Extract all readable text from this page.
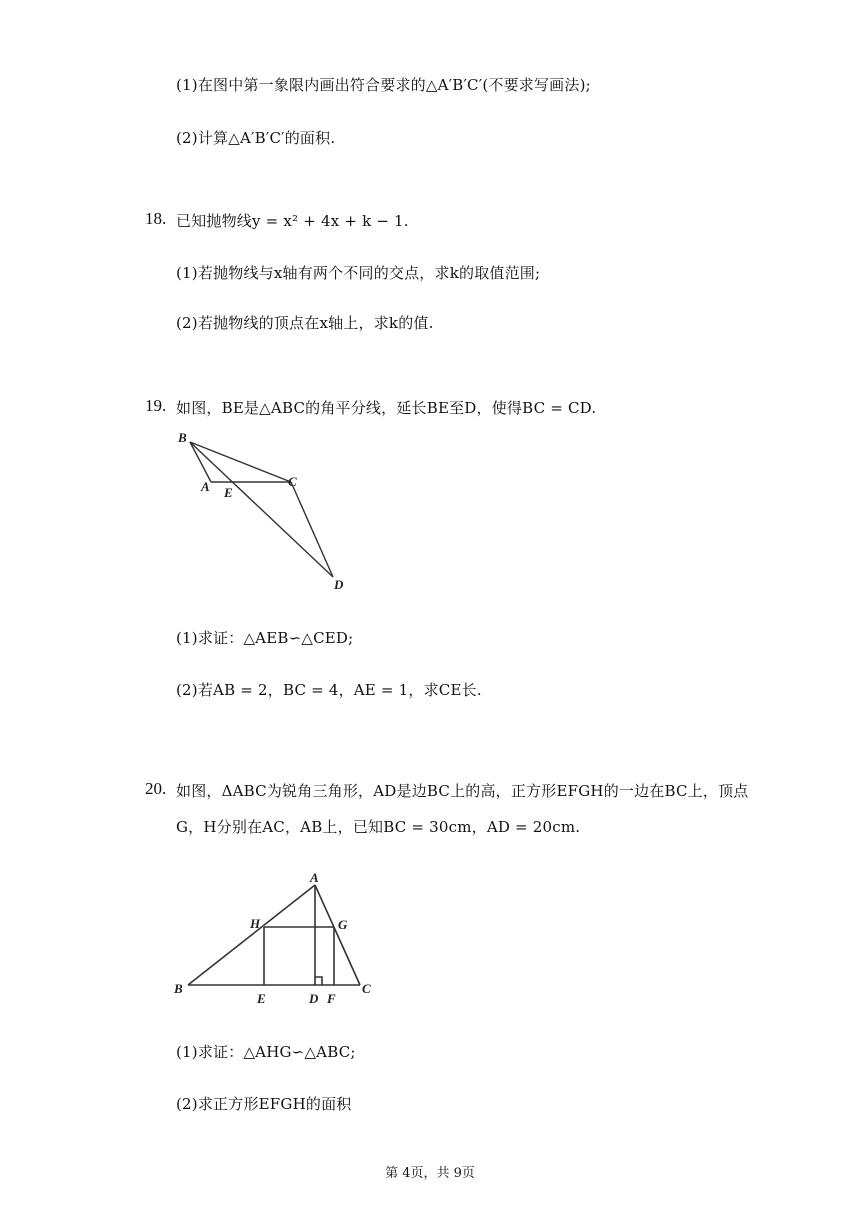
(1)在图中第一象限内画出符合要求的△A′B′C′(不要求写画法);
(2)计算△A′B′C′的面积.
18. 已知抛物线y = x² + 4x + k − 1.
(1)若抛物线与x轴有两个不同的交点，求k的取值范围;
(2)若抛物线的顶点在x轴上，求k的值.
19. 如图，BE是△ABC的角平分线，延长BE至D，使得BC = CD.
B
A E
C
D
(1)求证：△AEB∽△CED;
(2)若AB = 2，BC = 4，AE = 1，求CE长.
20. 如图，ΔABC为锐角三角形，AD是边BC上的高，正方形EFGH的一边在BC上，顶点
G，H分别在AC，AB上，已知BC = 30cm，AD = 20cm.
A
H	G
B
E	D F
C
(1)求证：△AHG∽△ABC;
(2)求正方形EFGH的面积
第 4页，共 9页
